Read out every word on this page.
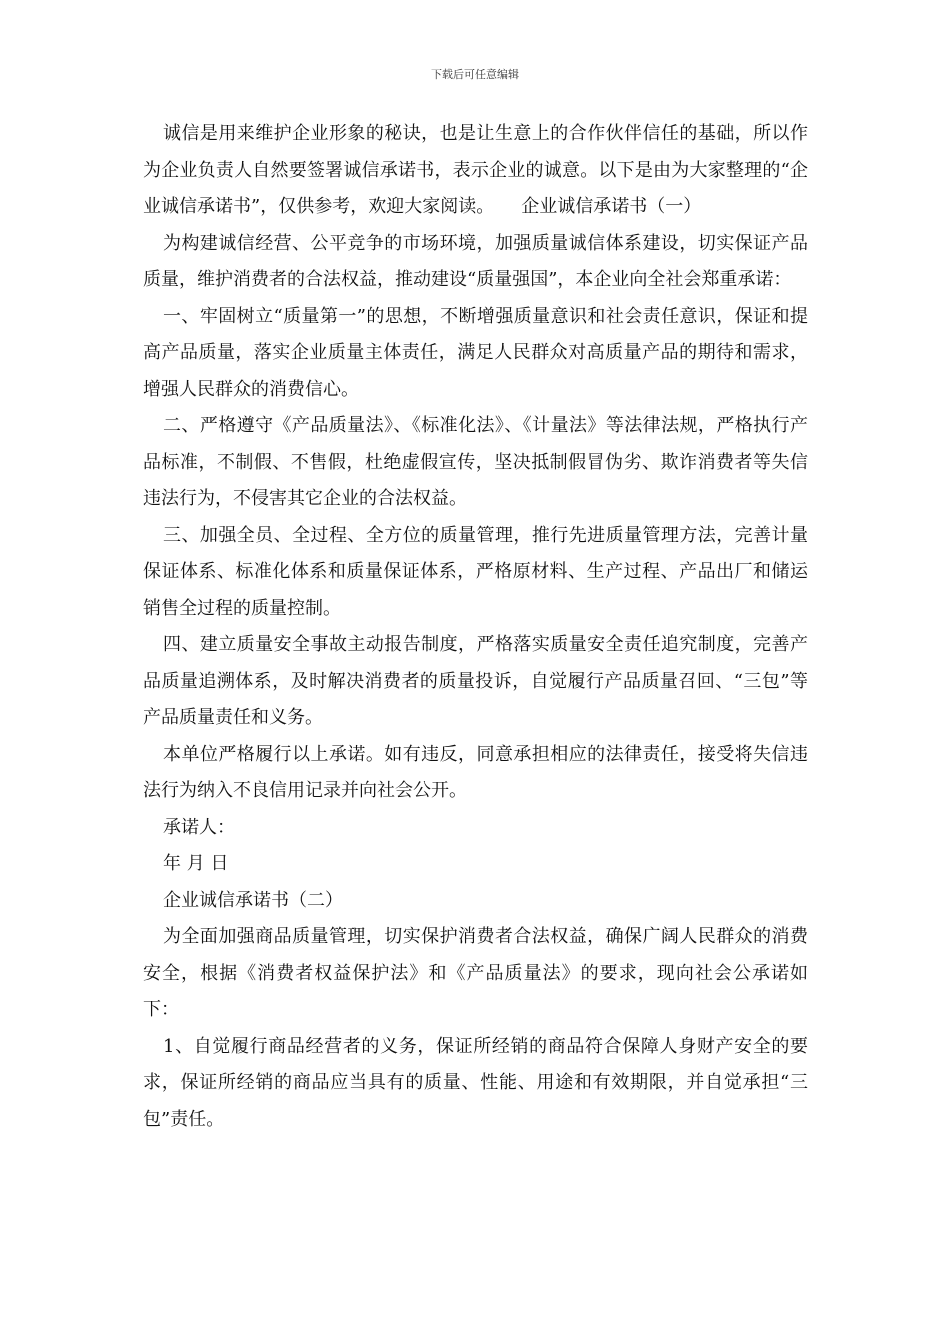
下载后可任意编辑

诚信是用来维护企业形象的秘诀，也是让生意上的合作伙伴信任的基础，所以作为企业负责人自然要签署诚信承诺书，表示企业的诚意。以下是由为大家整理的“企业诚信承诺书”，仅供参考，欢迎大家阅读。　　企业诚信承诺书（一）

为构建诚信经营、公平竞争的市场环境，加强质量诚信体系建设，切实保证产品质量，维护消费者的合法权益，推动建设“质量强国”，本企业向全社会郑重承诺：

一、牢固树立“质量第一”的思想，不断增强质量意识和社会责任意识，保证和提高产品质量，落实企业质量主体责任，满足人民群众对高质量产品的期待和需求，增强人民群众的消费信心。

二、严格遵守《产品质量法》、《标准化法》、《计量法》等法律法规，严格执行产品标准，不制假、不售假，杜绝虚假宣传，坚决抵制假冒伪劣、欺诈消费者等失信违法行为，不侵害其它企业的合法权益。

三、加强全员、全过程、全方位的质量管理，推行先进质量管理方法，完善计量保证体系、标准化体系和质量保证体系，严格原材料、生产过程、产品出厂和储运销售全过程的质量控制。

四、建立质量安全事故主动报告制度，严格落实质量安全责任追究制度，完善产品质量追溯体系，及时解决消费者的质量投诉，自觉履行产品质量召回、“三包”等产品质量责任和义务。

本单位严格履行以上承诺。如有违反，同意承担相应的法律责任，接受将失信违法行为纳入不良信用记录并向社会公开。

承诺人：

年 月 日

企业诚信承诺书（二）

为全面加强商品质量管理，切实保护消费者合法权益，确保广阔人民群众的消费安全，根据《消费者权益保护法》和《产品质量法》的要求，现向社会公承诺如下：

1、自觉履行商品经营者的义务，保证所经销的商品符合保障人身财产安全的要求，保证所经销的商品应当具有的质量、性能、用途和有效期限，并自觉承担“三包”责任。
